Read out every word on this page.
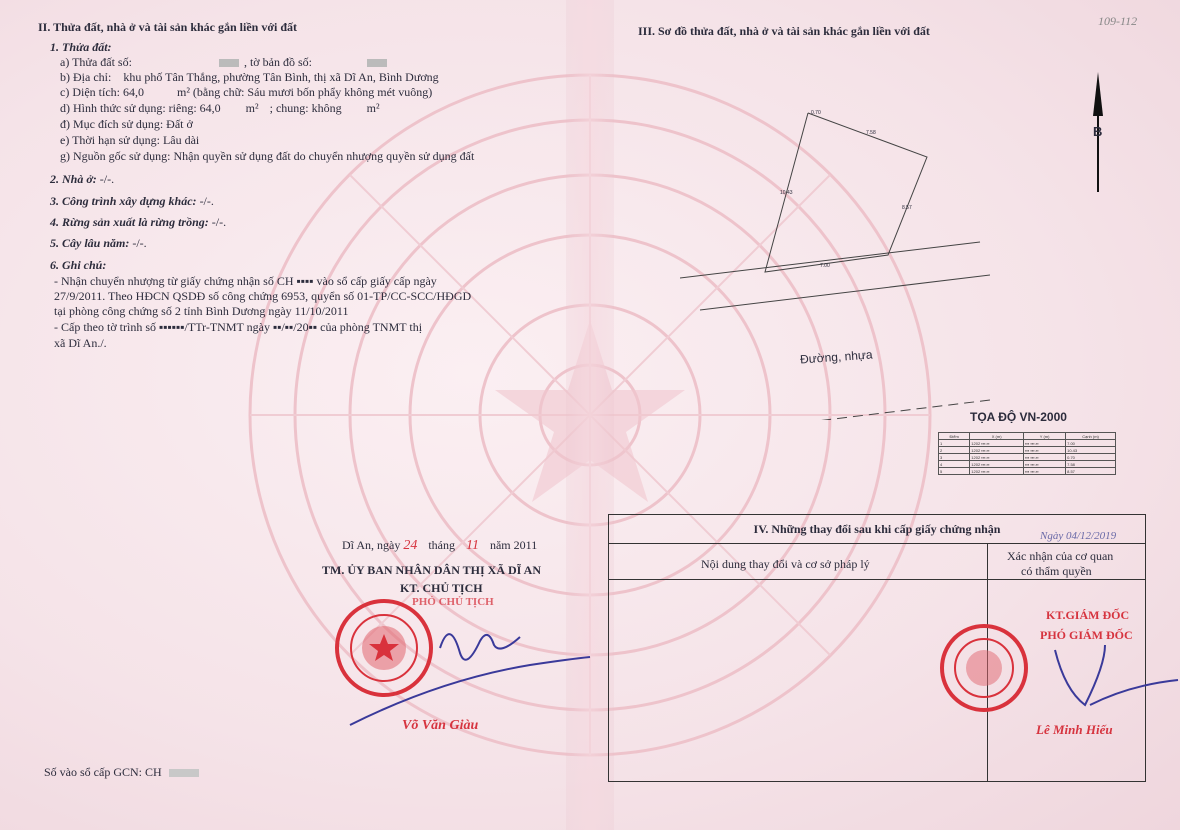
II. Thửa đất, nhà ở và tài sản khác gắn liền với đất
1. Thửa đất:
a) Thửa đất số:	, tờ bản đồ số:
b) Địa chỉ: khu phố Tân Thắng, phường Tân Bình, thị xã Dĩ An, Bình Dương
c) Diện tích: 64,0	m² (bằng chữ: Sáu mươi bốn phẩy không mét vuông)
d) Hình thức sử dụng: riêng: 64,0 m² ; chung: không m²
đ) Mục đích sử dụng: Đất ở
e) Thời hạn sử dụng: Lâu dài
g) Nguồn gốc sử dụng: Nhận quyền sử dụng đất do chuyển nhượng quyền sử dụng đất
2. Nhà ở: -/-.
3. Công trình xây dựng khác: -/-.
4. Rừng sản xuất là rừng trồng: -/-.
5. Cây lâu năm: -/-.
6. Ghi chú:
- Nhận chuyển nhượng từ giấy chứng nhận số CH ▪▪▪▪ vào sổ cấp giấy cấp ngày
27/9/2011. Theo HĐCN QSDĐ số công chứng 6953, quyển số 01-TP/CC-SCC/HĐGD
tại phòng công chứng số 2 tỉnh Bình Dương ngày 11/10/2011
- Cấp theo tờ trình số ▪▪▪▪▪▪/TTr-TNMT ngày ▪▪/▪▪/20▪▪ của phòng TNMT thị
xã Dĩ An./.
Dĩ An, ngày 24 tháng 11 năm 2011
TM. ỦY BAN NHÂN DÂN THỊ XÃ DĨ AN
KT. CHỦ TỊCH
PHÓ CHỦ TỊCH
Võ Văn Giàu
Số vào sổ cấp GCN: CH
III. Sơ đồ thửa đất, nhà ở và tài sản khác gắn liền với đất
109-112
B
0.70
7.58
10.43
8.57
7.00
Đường, nhựa
TỌA ĐỘ VN-2000
Điểm	X (m)	Y (m)	Cạnh (m)
1	1202 ▪▪▪.▪▪	▪▪▪ ▪▪▪.▪▪	7.00
2	1202 ▪▪▪.▪▪	▪▪▪ ▪▪▪.▪▪	10.43
3	1202 ▪▪▪.▪▪	▪▪▪ ▪▪▪.▪▪	0.70
4	1202 ▪▪▪.▪▪	▪▪▪ ▪▪▪.▪▪	7.58
5	1202 ▪▪▪.▪▪	▪▪▪ ▪▪▪.▪▪	8.57
IV. Những thay đổi sau khi cấp giấy chứng nhận
Nội dung thay đổi và cơ sở pháp lý
Xác nhận của cơ quan
có thẩm quyền
Ngày 04/12/2019
KT.GIÁM ĐỐC
PHÓ GIÁM ĐỐC
Lê Minh Hiếu
